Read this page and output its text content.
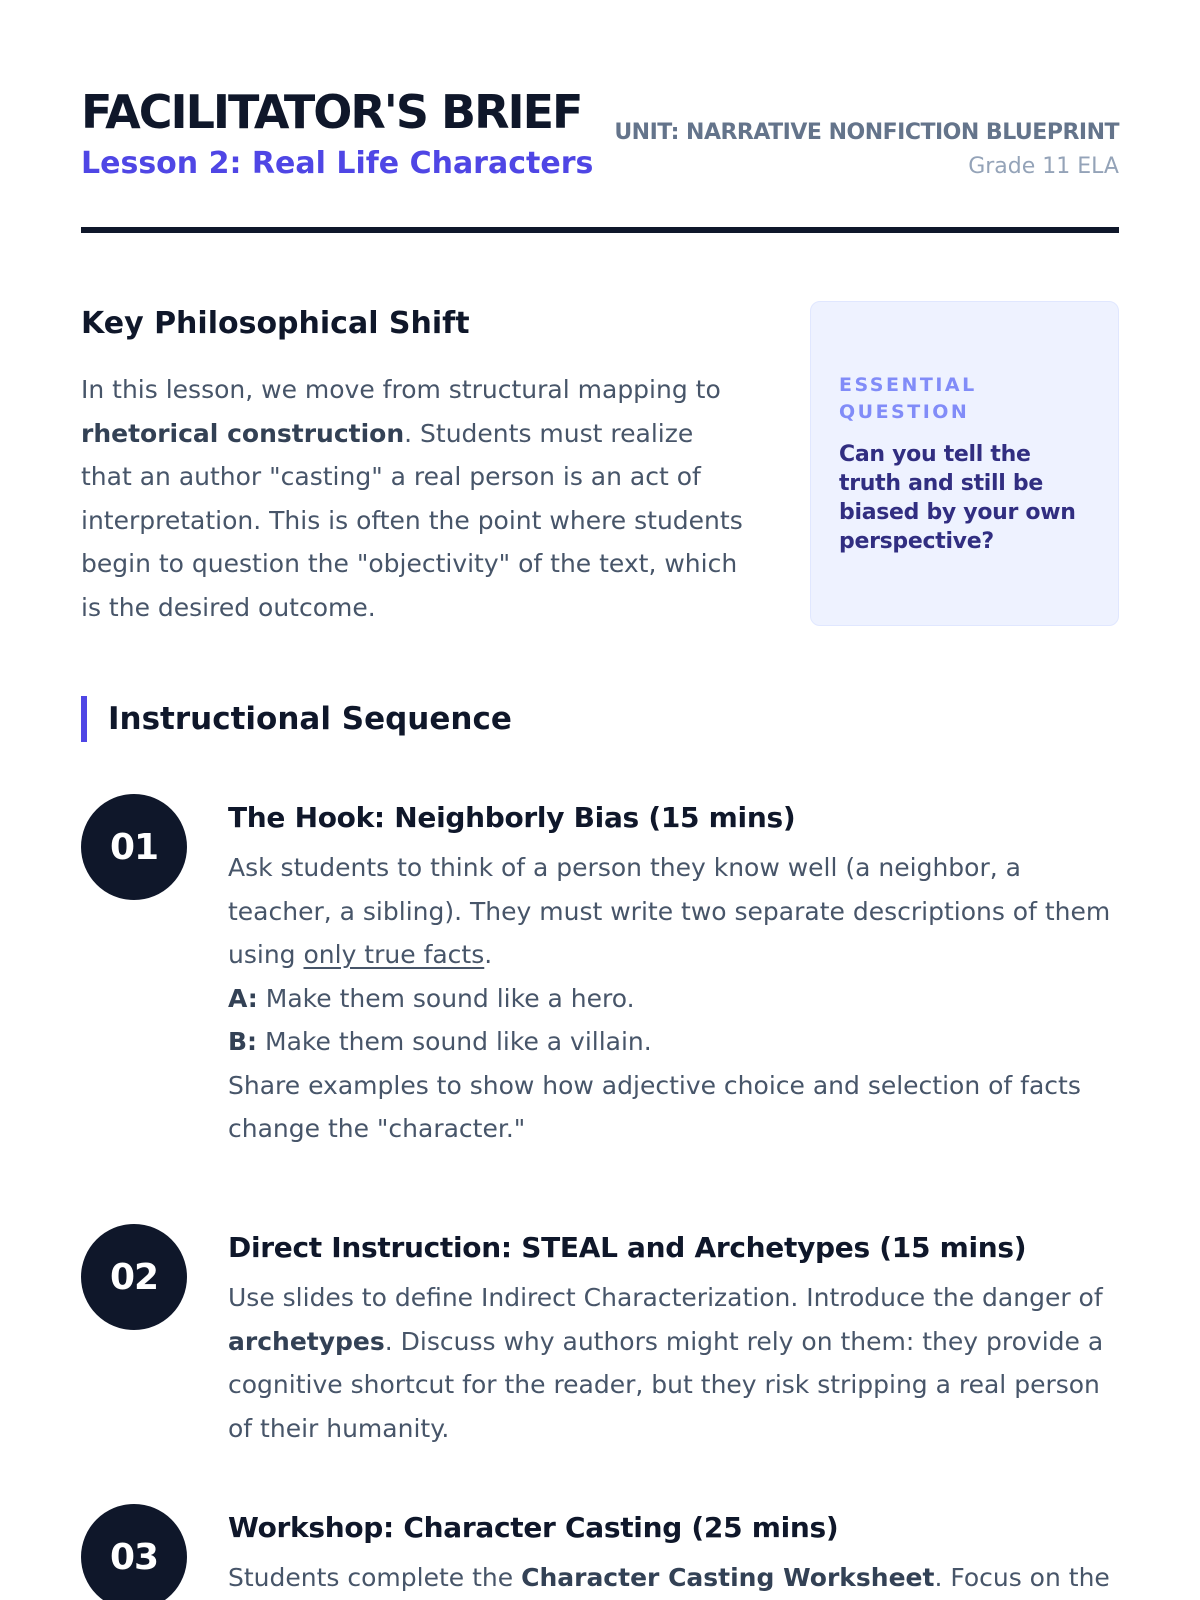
FACILITATOR'S BRIEF
Lesson 2: Real Life Characters
UNIT: NARRATIVE NONFICTION BLUEPRINT
Grade 11 ELA
Key Philosophical Shift

In this lesson, we move from structural mapping to rhetorical construction. Students must realize that an author "casting" a real person is an act of interpretation. This is often the point where students begin to question the "objectivity" of the text, which is the desired outcome.

ESSENTIAL QUESTION

Can you tell the truth and still be biased by your own perspective?

Instructional Sequence
01
The Hook: Neighborly Bias (15 mins)

Ask students to think of a person they know well (a neighbor, a teacher, a sibling). They must write two separate descriptions of them using only true facts.
A: Make them sound like a hero.
B: Make them sound like a villain.
Share examples to show how adjective choice and selection of facts change the "character."

02
Direct Instruction: STEAL and Archetypes (15 mins)

Use slides to define Indirect Characterization. Introduce the danger of archetypes. Discuss why authors might rely on them: they provide a cognitive shortcut for the reader, but they risk stripping a real person of their humanity.

03
Workshop: Character Casting (25 mins)

Students complete the Character Casting Worksheet. Focus on the
